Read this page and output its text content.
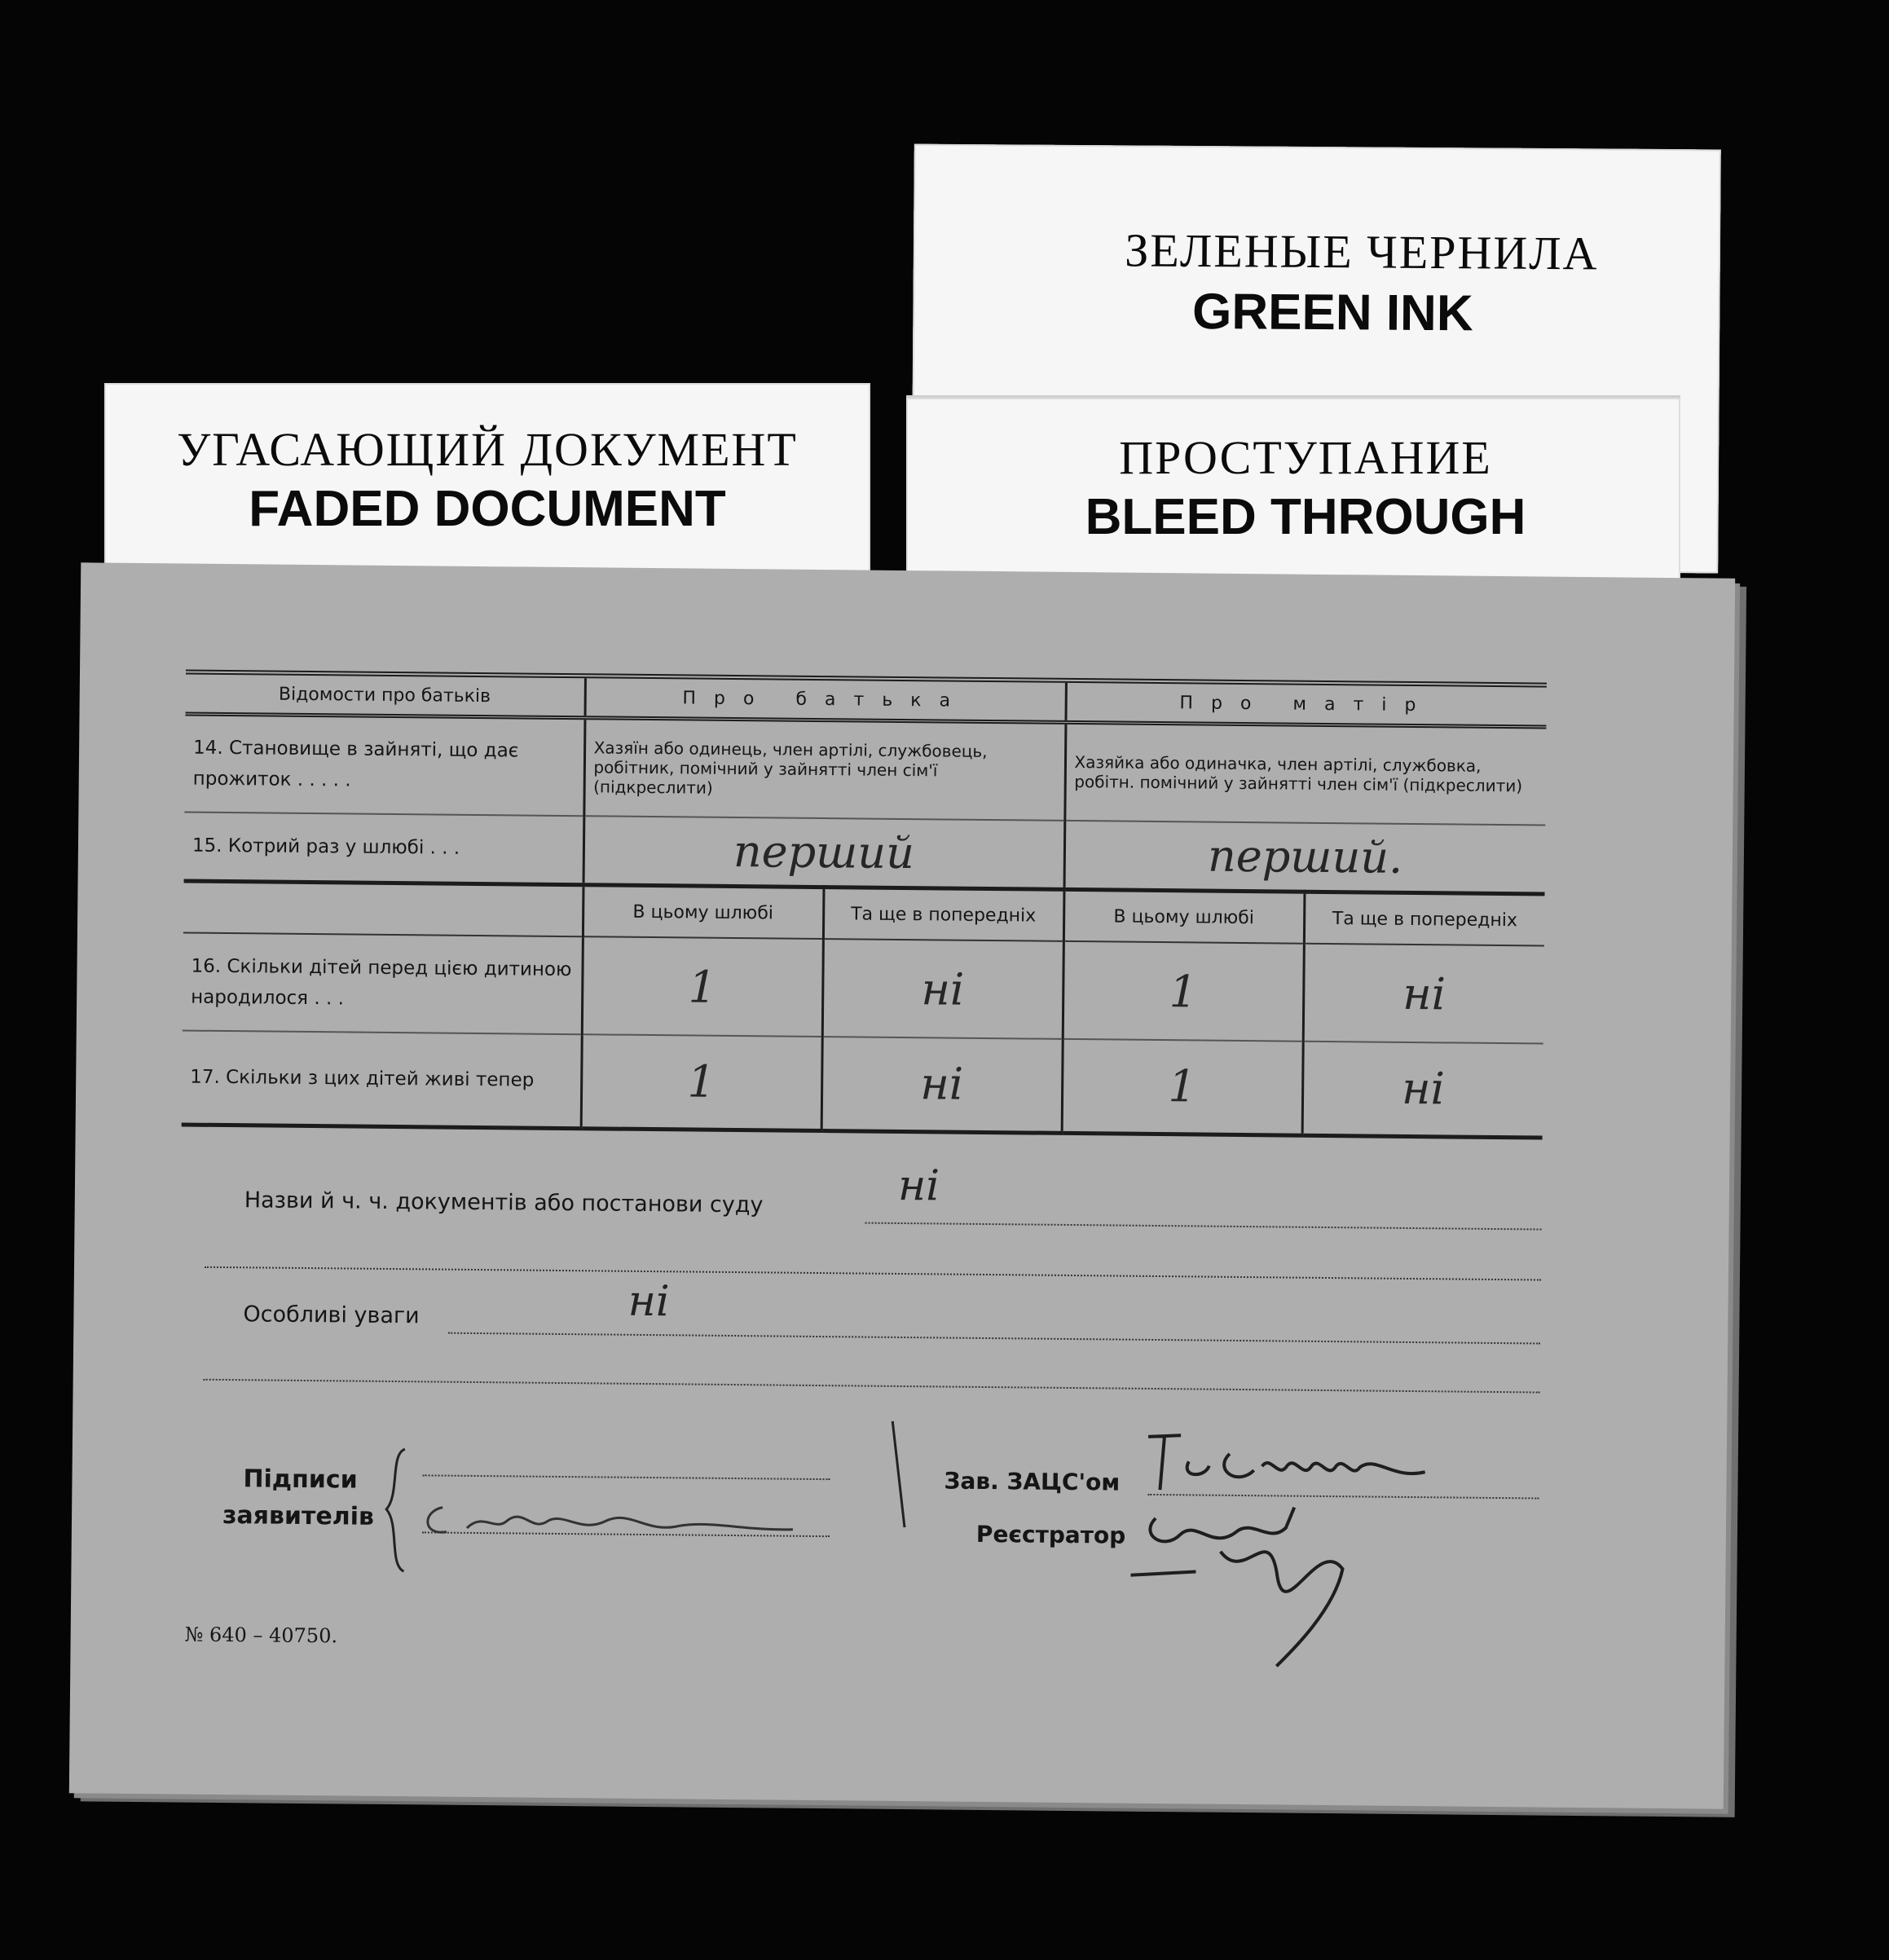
ЗЕЛЕНЫЕ ЧЕРНИЛА
GREEN INK
ПРОСТУПАНИЕ
BLEED THROUGH
УГАСАЮЩИЙ ДОКУМЕНТ
FADED DOCUMENT
Відомости про батьків	Про батька		Про матір	
14. Становище в зайняті, що дає прожиток . . . . .	Хазяїн або одинець, член артілі, службовець, робітник, помічний у зайнятті член сім'ї (підкреслити)		Хазяйка або одиначка, член артілі, службовка, робітн. помічний у зайнятті член сім'ї (підкреслити)	
15. Котрий раз у шлюбі . . .	перший		перший.	
	В цьому шлюбі	Та ще в попередніх	В цьому шлюбі	Та ще в попередніх
16. Скільки дітей перед цією дитиною народилося . . .	1	ні	1	ні
17. Скільки з цих дітей живі тепер	1	ні	1	ні
Назви й ч. ч. документів або постанови суду	ні
Особливі уваги	ні
Підписи
заявителів
Зав. ЗАЦС'ом
Реєстратор
№ 640 – 40750.
